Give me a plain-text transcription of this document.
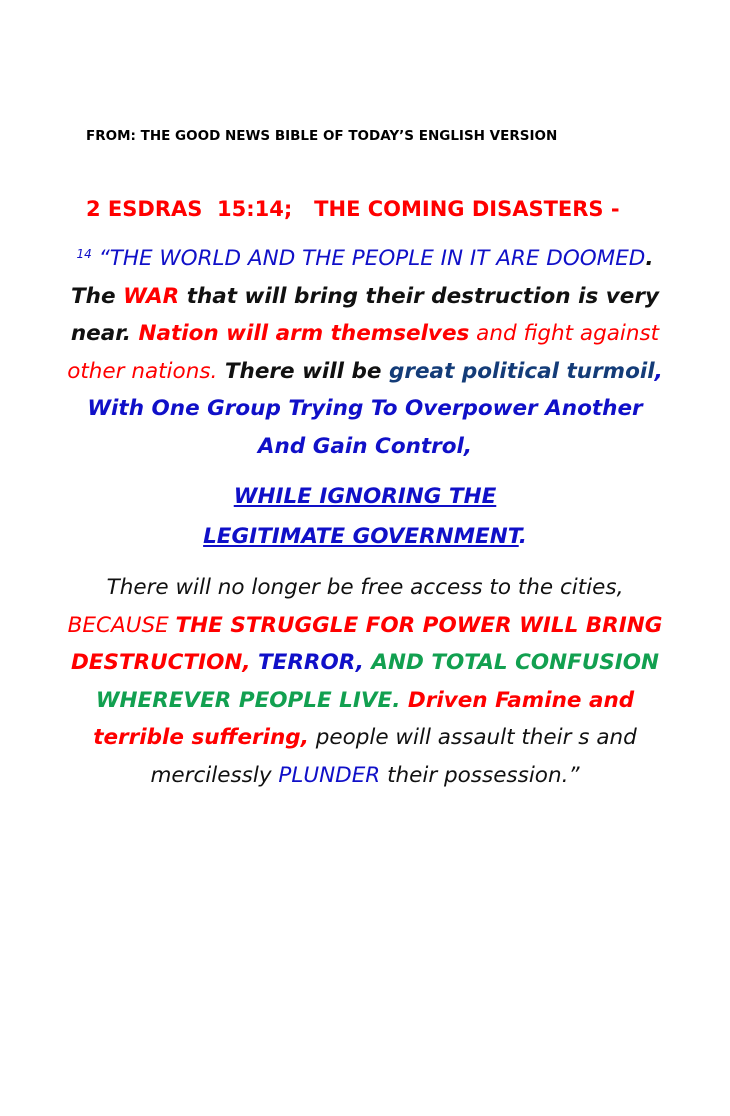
FROM: THE GOOD NEWS BIBLE OF TODAY’S ENGLISH VERSION
2 ESDRAS  15:14;   THE COMING DISASTERS -

$^{14}$ “THE WORLD AND THE PEOPLE IN IT ARE DOOMED. The WAR that will bring their destruction is very near. Nation will arm themselves and fight against other nations. There will be great political turmoil, With One Group Trying To Overpower Another And Gain Control,

WHILE IGNORING THE
LEGITIMATE GOVERNMENT.

There will no longer be free access to the cities, BECAUSE THE STRUGGLE FOR POWER WILL BRING DESTRUCTION, TERROR, AND TOTAL CONFUSION WHEREVER PEOPLE LIVE. Driven Famine and terrible suffering, people will assault their s and mercilessly PLUNDER their possession.”
